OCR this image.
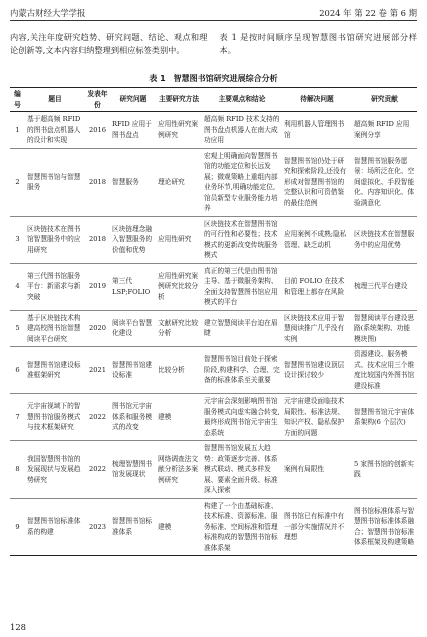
内蒙古财经大学学报	2024 年 第 22 卷 第 6 期
内容,关注年度研究趋势、研究问题、结论、观点和理论创新等,文本内容归纳整理到相应标签类别中。
表 1 是按时间顺序呈现智慧图书馆研究进展部分样本。
表 1　智慧图书馆研究进展综合分析
编号	题目	发表年份	研究问题	主要研究方法	主要观点和结论	待解决问题	研究贡献
1	基于超高频 RFID 的图书盘点机器人的设计和实现	2016	RFID 应用于图书盘点	应用性研究案例研究	超高频 RFID 技术支持的图书盘点机器人在南大成功应用	利用机器人管理图书馆	超高频 RFID 应用案例分享
2	智慧图书馆与智慧服务	2018	智慧服务	理论研究	宏观上明确面向智慧图书馆的功能定位和长远发展；微观策略上重组内部业务环节,明确功能定位,馆员新型专业服务能力培养	智慧图书馆仍处于研究和探索阶段,还没有形成对智慧图书馆的完整认识和可资借鉴的最佳范例	智慧图书馆服务愿景：场所泛在化、空间虚拟化、手段智能化、内容知识化、体验满意化
3	区块链技术在图书馆智慧服务中的应用研究	2018	区块链理念融入智慧服务的价值和优势	应用性研究	区块链技术在智慧图书馆的可行性和必要性；技术模式的更新改变传统服务模式	应用案例不成熟;隐私管理、缺乏动机	区块链技术在智慧服务中的应用优势
4	第三代图书馆服务平台：新需求与新突破	2019	第三代 LSP;FOLIO	应用性研究案例研究比较分析	真正的第三代是由图书馆主导、基于微服务架构、全面支持智慧图书馆应用模式的平台	目前 FOLIO 在技术和管理上都存在风险	梳理三代平台建设
5	基于区块链技术构建高校图书馆智慧阅读平台研究	2020	阅读平台智慧化建设	文献研究比较分析	建立智慧阅读平台迫在眉睫	区块链技术应用于智慧阅读推广几乎没有实例	智慧阅读平台建设思路(系统架构、功能模块图)
6	智慧图书馆建设标准框架研究	2021	智慧图书馆建设标准	比较分析	智慧图书馆目前处于探索阶段,构建科学、合理、完备的标准体系至关重要	智慧图书馆建设顶层设计探讨较少	资源建设、服务模式、技术应用三个维度比较国内外图书馆建设标准
7	元宇宙视域下的智慧图书馆服务模式与技术框架研究	2022	图书馆元宇宙体系和服务模式的改变	建模	元宇宙会深刻影响图书馆服务模式向虚实融合转变,最终形成图书馆元宇宙生态系统	元宇宙建设面临技术局限性、标准法规、知识产权、隐私保护方面的问题	智慧图书馆元宇宙体系架构(6 个层次)
8	我国智慧图书馆的发展现状与发展趋势研究	2022	梳理智慧图书馆发展现状	网络调查法文献分析法多案例研究	智慧图书馆发展五大趋势：政策逐步完善、体系模式联动、模式多样发展、要素全面升级、标准深入探索	案例有局限性	5 家图书馆的创新实践
9	智慧图书馆标准体系的构建	2023	智慧图书馆标准体系	建模	构建了一个由基础标准、技术标准、资源标准、服务标准、空间标准和管理标准构成的智慧图书馆标准体系架	图书馆已有标准中有一部分实施情况并不理想	图书馆标准体系与智慧图书馆标准体系融合；智慧图书馆标准体系框架及构建策略
128
